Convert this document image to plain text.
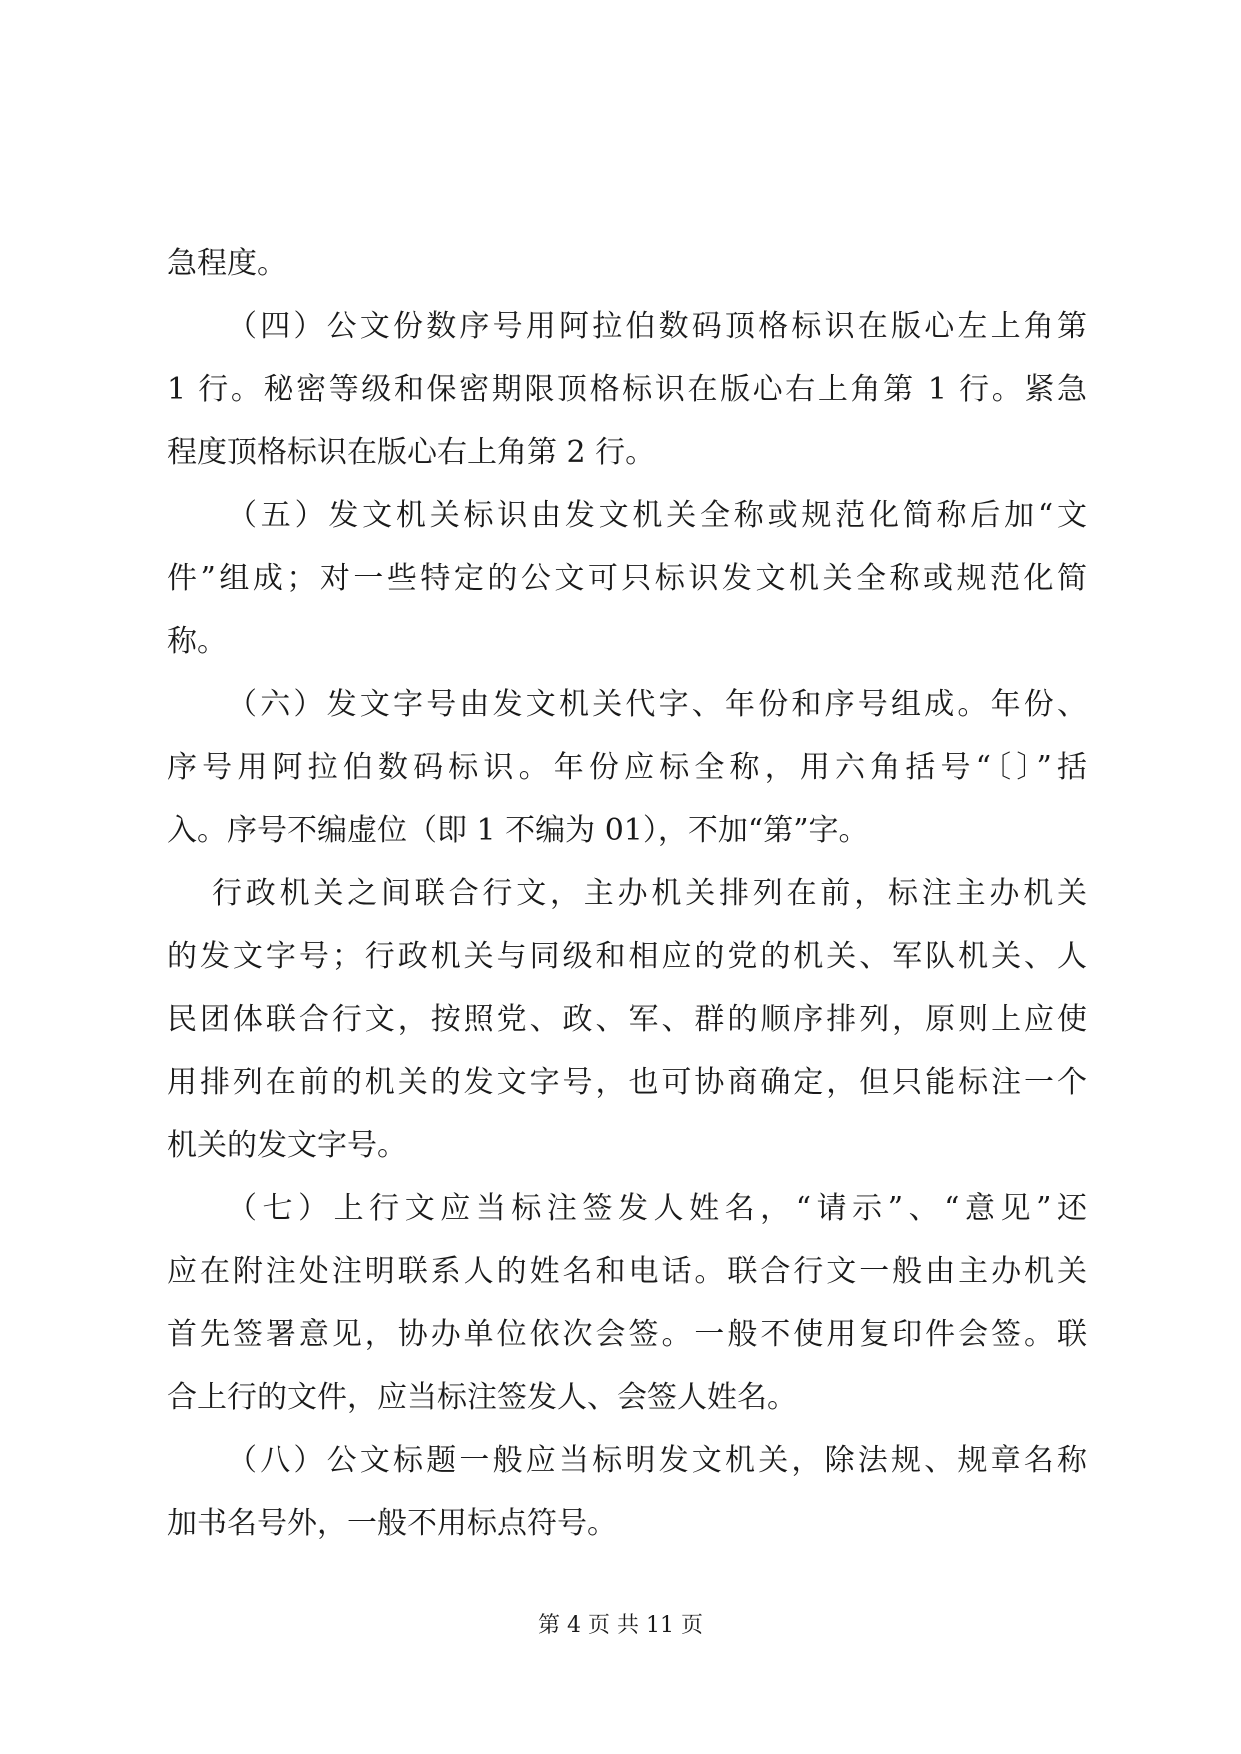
急程度。
（四）公文份数序号用阿拉伯数码顶格标识在版心左上角第
1 行。秘密等级和保密期限顶格标识在版心右上角第 1 行。紧急
程度顶格标识在版心右上角第 2 行。
（五）发文机关标识由发文机关全称或规范化简称后加“文
件”组成；对一些特定的公文可只标识发文机关全称或规范化简
称。
（六）发文字号由发文机关代字、年份和序号组成。年份、
序号用阿拉伯数码标识。年份应标全称，用六角括号“〔〕”括
入。序号不编虚位（即 1 不编为 01），不加“第”字。
行政机关之间联合行文，主办机关排列在前，标注主办机关
的发文字号；行政机关与同级和相应的党的机关、军队机关、人
民团体联合行文，按照党、政、军、群的顺序排列，原则上应使
用排列在前的机关的发文字号，也可协商确定，但只能标注一个
机关的发文字号。
（七）上行文应当标注签发人姓名，“请示”、“意见”还
应在附注处注明联系人的姓名和电话。联合行文一般由主办机关
首先签署意见，协办单位依次会签。一般不使用复印件会签。联
合上行的文件，应当标注签发人、会签人姓名。
（八）公文标题一般应当标明发文机关，除法规、规章名称
加书名号外，一般不用标点符号。
第 4 页 共 11 页
